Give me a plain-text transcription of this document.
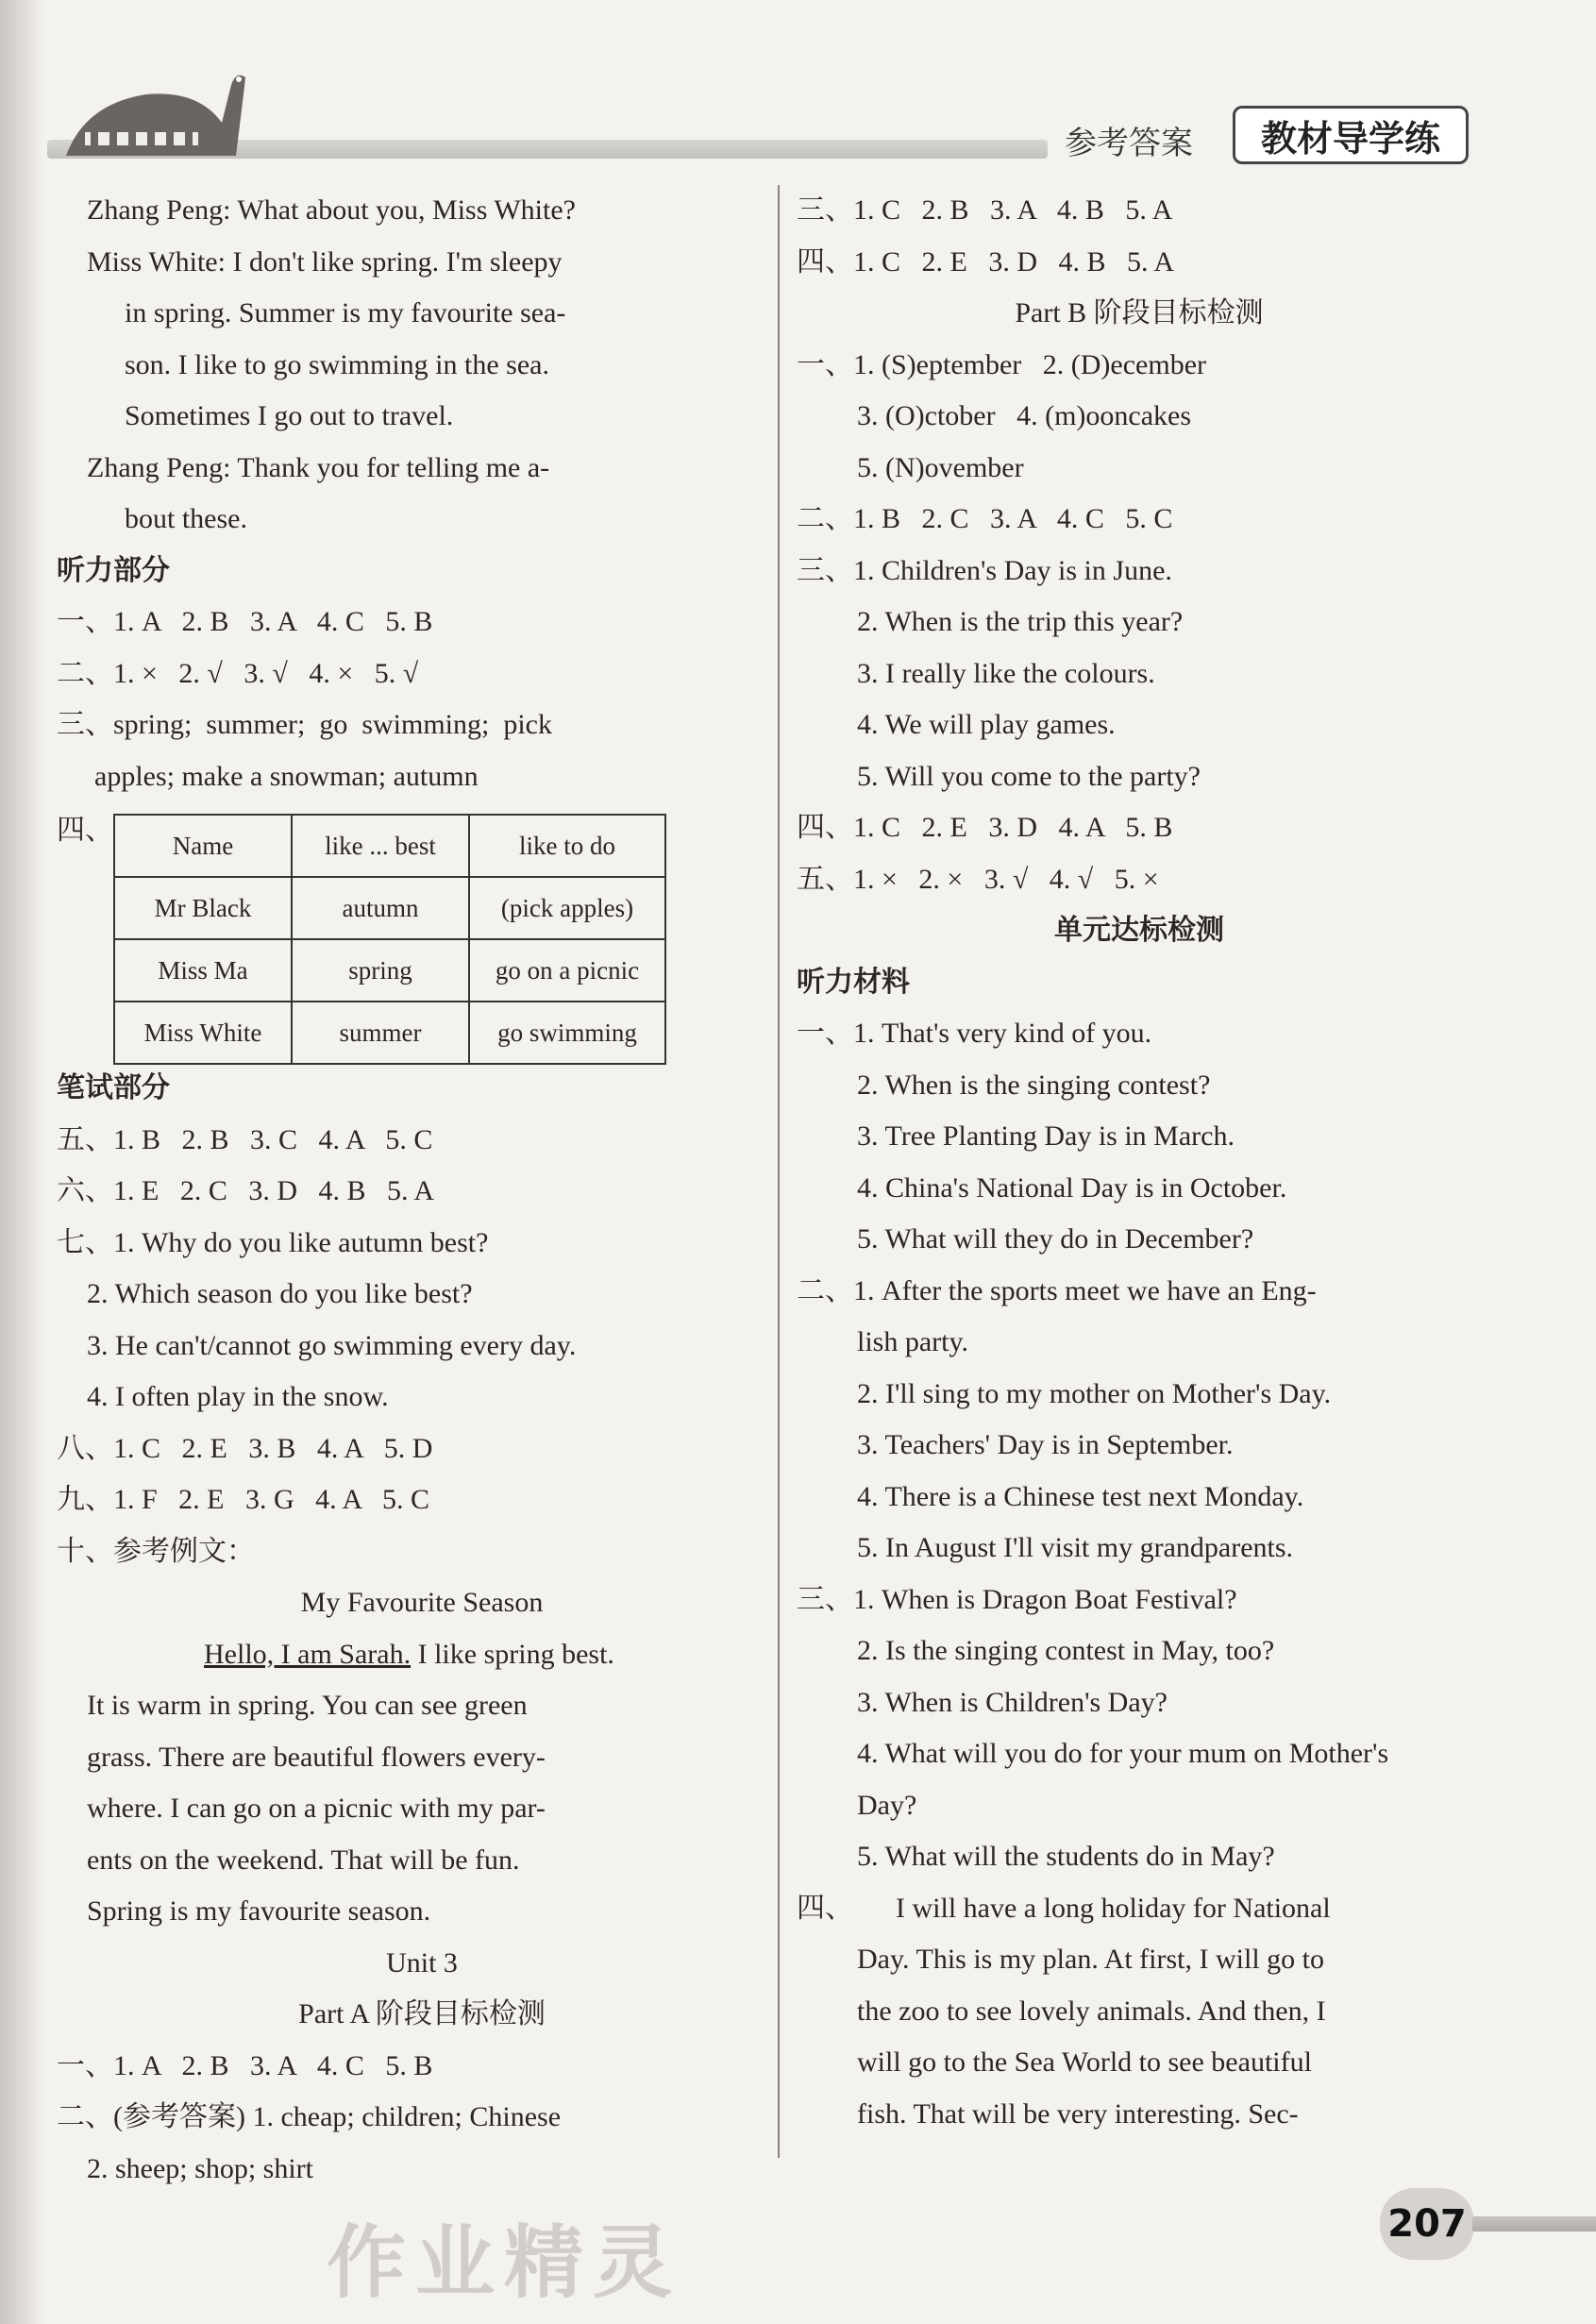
参考答案	教材导学练
Zhang Peng: What about you, Miss White?
Miss White: I don't like spring. I'm sleepy
in spring. Summer is my favourite sea-
son. I like to go swimming in the sea.
Sometimes I go out to travel.
Zhang Peng: Thank you for telling me a-
bout these.
听力部分
一、1. A   2. B   3. A   4. C   5. B
二、1. ×   2. √   3. √   4. ×   5. √
三、spring;  summer;  go  swimming;  pick
apples; make a snowman; autumn
四、 Name	like ... best	like to do
Mr Black	autumn	(pick apples)
Miss Ma	spring	go on a picnic
Miss White	summer	go swimming
笔试部分
五、1. B   2. B   3. C   4. A   5. C
六、1. E   2. C   3. D   4. B   5. A
七、1. Why do you like autumn best?
2. Which season do you like best?
3. He can't/cannot go swimming every day.
4. I often play in the snow.
八、1. C   2. E   3. B   4. A   5. D
九、1. F   2. E   3. G   4. A   5. C
十、参考例文：
My Favourite Season
Hello, I am Sarah. I like spring best.
It is warm in spring. You can see green
grass. There are beautiful flowers every-
where. I can go on a picnic with my par-
ents on the weekend. That will be fun.
Spring is my favourite season.
Unit 3
Part A 阶段目标检测
一、1. A   2. B   3. A   4. C   5. B
二、(参考答案) 1. cheap; children; Chinese
2. sheep; shop; shirt
三、1. C   2. B   3. A   4. B   5. A
四、1. C   2. E   3. D   4. B   5. A
Part B 阶段目标检测
一、1. (S)eptember   2. (D)ecember
3. (O)ctober   4. (m)ooncakes
5. (N)ovember
二、1. B   2. C   3. A   4. C   5. C
三、1. Children's Day is in June.
2. When is the trip this year?
3. I really like the colours.
4. We will play games.
5. Will you come to the party?
四、1. C   2. E   3. D   4. A   5. B
五、1. ×   2. ×   3. √   4. √   5. ×
单元达标检测
听力材料
一、1. That's very kind of you.
2. When is the singing contest?
3. Tree Planting Day is in March.
4. China's National Day is in October.
5. What will they do in December?
二、1. After the sports meet we have an Eng-
lish party.
2. I'll sing to my mother on Mother's Day.
3. Teachers' Day is in September.
4. There is a Chinese test next Monday.
5. In August I'll visit my grandparents.
三、1. When is Dragon Boat Festival?
2. Is the singing contest in May, too?
3. When is Children's Day?
4. What will you do for your mum on Mother's
Day?
5. What will the students do in May?
四、      I will have a long holiday for National
Day. This is my plan. At first, I will go to
the zoo to see lovely animals. And then, I
will go to the Sea World to see beautiful
fish. That will be very interesting. Sec-
作业精灵	207
